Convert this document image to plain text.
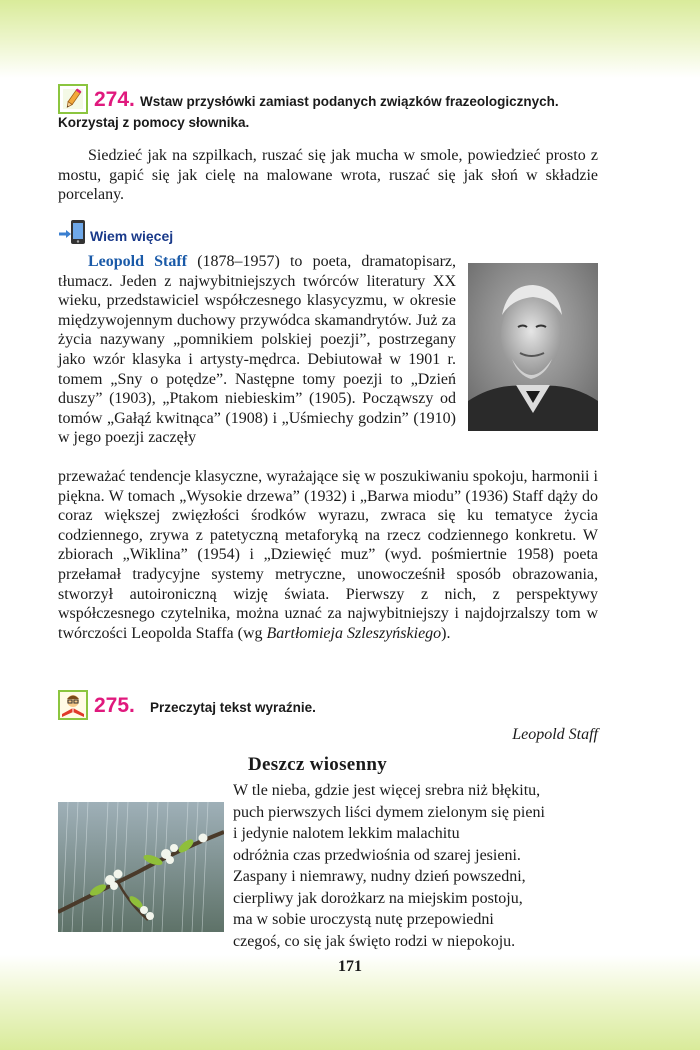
274. Wstaw przysłówki zamiast podanych związków frazeologicznych.
Korzystaj z pomocy słownika.
Siedzieć jak na szpilkach, ruszać się jak mucha w smole, powiedzieć prosto z mostu, gapić się jak cielę na malowane wrota, ruszać się jak słoń w składzie porcelany.
Wiem więcej
Leopold Staff (1878–1957) to poeta, dramatopisarz, tłumacz. Jeden z najwybitniejszych twórców literatury XX wieku, przedstawiciel współczesnego klasycyzmu, w okresie międzywojennym duchowy przywódca skamandrytów. Już za życia nazywany „pomnikiem polskiej poezji”, postrzegany jako wzór klasyka i artysty-mędrca. Debiutował w 1901 r. tomem „Sny o potędze”. Następne tomy poezji to „Dzień duszy” (1903), „Ptakom niebieskim” (1905). Począwszy od tomów „Gałąź kwitnąca” (1908) i „Uśmiechy godzin” (1910) w jego poezji zaczęły
przeważać tendencje klasyczne, wyrażające się w poszukiwaniu spokoju, harmonii i piękna. W tomach „Wysokie drzewa” (1932) i „Barwa miodu” (1936) Staff dąży do coraz większej zwięzłości środków wyrazu, zwraca się ku tematyce życia codziennego, zrywa z patetyczną metaforyką na rzecz codziennego konkretu. W zbiorach „Wiklina” (1954) i „Dziewięć muz” (wyd. pośmiertnie 1958) poeta przełamał tradycyjne systemy metryczne, unowocześnił sposób obrazowania, stworzył autoironiczną wizję świata. Pierwszy z nich, z perspektywy współczesnego czytelnika, można uznać za najwybitniejszy i najdojrzalszy tom w twórczości Leopolda Staffa (wg Bartłomieja Szleszyńskiego).
275. Przeczytaj tekst wyraźnie.
Leopold Staff
Deszcz wiosenny
W tle nieba, gdzie jest więcej srebra niż błękitu,
puch pierwszych liści dymem zielonym się pieni
i jedynie nalotem lekkim malachitu
odróżnia czas przedwiośnia od szarej jesieni.
Zaspany i niemrawy, nudny dzień powszedni,
cierpliwy jak dorożkarz na miejskim postoju,
ma w sobie uroczystą nutę przepowiedni
czegoś, co się jak święto rodzi w niepokoju.
171
